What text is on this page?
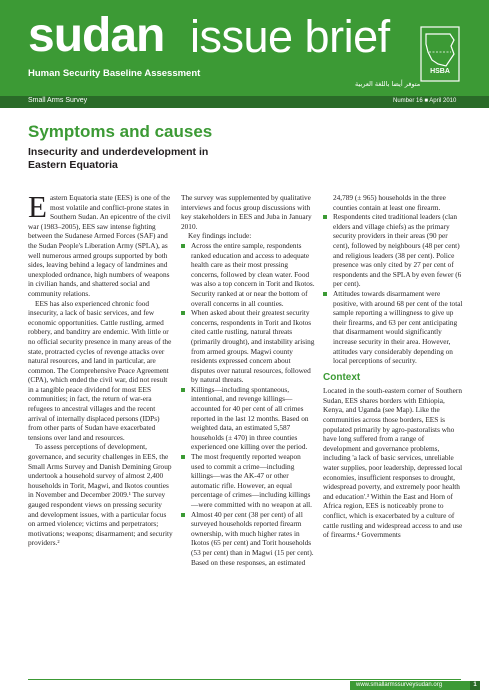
sudan issue brief
Human Security Baseline Assessment
متوفر أيضا باللغة العربية
Small Arms Survey	Number 16 ■ April 2010
HSBA
Symptoms and causes
Insecurity and underdevelopment in Eastern Equatoria

Eastern Equatoria state (EES) is one of the most volatile and conflict-prone states in Southern Sudan. An epicentre of the civil war (1983–2005), EES saw intense fighting between the Sudanese Armed Forces (SAF) and the Sudan People's Liberation Army (SPLA), as well numerous armed groups supported by both sides, leaving behind a legacy of landmines and unexploded ordnance, high numbers of weapons in civilian hands, and shattered social and community relations.

EES has also experienced chronic food insecurity, a lack of basic services, and few economic opportunities. Cattle rustling, armed robbery, and banditry are endemic. With little or no official security presence in many areas of the state, protracted cycles of revenge attacks over natural resources, and land in particular, are common. The Comprehensive Peace Agreement (CPA), which ended the civil war, did not result in a tangible peace dividend for most EES communities; in fact, the return of war-era refugees to ancestral villages and the recent arrival of internally displaced persons (IDPs) from other parts of Sudan have exacerbated tensions over land and resources.

To assess perceptions of development, governance, and security challenges in EES, the Small Arms Survey and Danish Demining Group undertook a household survey of almost 2,400 households in Torit, Magwi, and Ikotos counties in November and December 2009.¹ The survey gauged respondent views on pressing security and development issues, with a particular focus on armed violence; victims and perpetrators; motivations; weapons; disarmament; and security providers.²

The survey was supplemented by qualitative interviews and focus group discussions with key stakeholders in EES and Juba in January 2010.

Key findings include:

Across the entire sample, respondents ranked education and access to adequate health care as their most pressing concerns, followed by clean water. Food was also a top concern in Torit and Ikotos. Security ranked at or near the bottom of overall concerns in all counties.
When asked about their greatest security concerns, respondents in Torit and Ikotos cited cattle rustling, natural threats (primarily drought), and instability arising from armed groups. Magwi county residents expressed concern about disputes over natural resources, followed by natural threats.
Killings—including spontaneous, intentional, and revenge killings—accounted for 40 per cent of all crimes reported in the last 12 months. Based on weighted data, an estimated 5,587 households (± 470) in three counties experienced one killing over the period.
The most frequently reported weapon used to commit a crime—including killings—was the AK-47 or other automatic rifle. However, an equal percentage of crimes—including killings—were committed with no weapon at all.
Almost 40 per cent (38 per cent) of all surveyed households reported firearm ownership, with much higher rates in Ikotos (65 per cent) and Torit households (53 per cent) than in Magwi (15 per cent). Based on these responses, an estimated

24,789 (± 965) households in the three counties contain at least one firearm.

Respondents cited traditional leaders (clan elders and village chiefs) as the primary security providers in their areas (90 per cent), followed by neighbours (48 per cent) and religious leaders (38 per cent). Police presence was only cited by 27 per cent of respondents and the SPLA by even fewer (6 per cent).
Attitudes towards disarmament were positive, with around 68 per cent of the total sample reporting a willingness to give up their firearms, and 63 per cent anticipating that disarmament would significantly increase security in their area. However, attitudes vary considerably depending on local perceptions of security.
Context

Located in the south-eastern corner of Southern Sudan, EES shares borders with Ethiopia, Kenya, and Uganda (see Map). Like the communities across those borders, EES is populated primarily by agro-pastoralists who have long suffered from a range of development and governance problems, including 'a lack of basic services, unreliable water supplies, poor leadership, depressed local economies, insufficient responses to drought, widespread poverty, and extremely poor health and education'.³ Within the East and Horn of Africa region, EES is noticeably prone to conflict, which is exacerbated by a culture of cattle rustling and widespread access to and use of firearms.⁴ Governments

www.smallarmssurveysudan.org	1
